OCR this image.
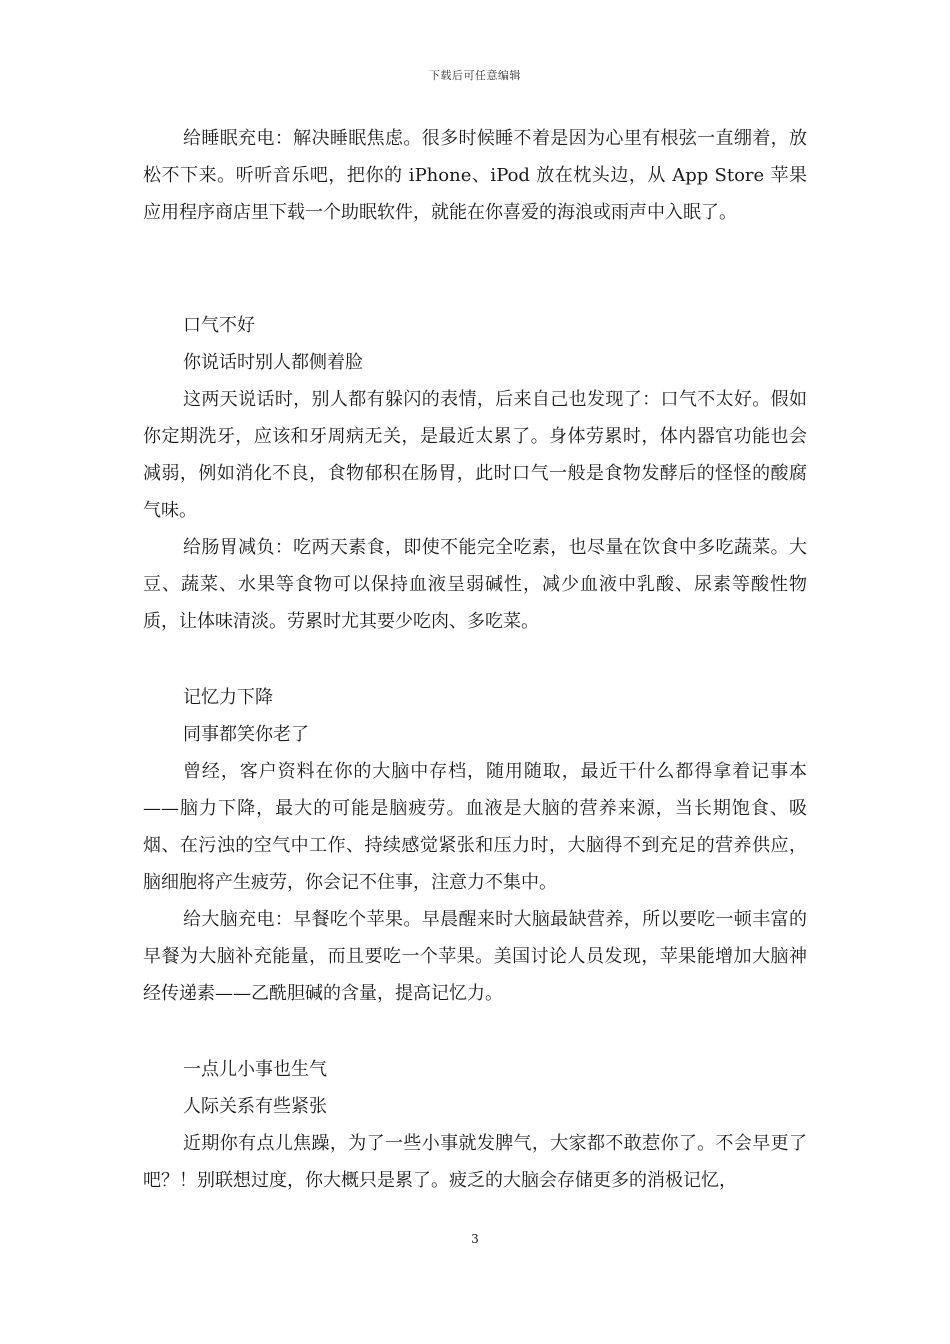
下载后可任意编辑

给睡眠充电：解决睡眠焦虑。很多时候睡不着是因为心里有根弦一直绷着，放松不下来。听听音乐吧，把你的 iPhone、iPod 放在枕头边，从 App Store 苹果应用程序商店里下载一个助眠软件，就能在你喜爱的海浪或雨声中入眠了。

口气不好

你说话时别人都侧着脸

这两天说话时，别人都有躲闪的表情，后来自己也发现了：口气不太好。假如你定期洗牙，应该和牙周病无关，是最近太累了。身体劳累时，体内器官功能也会减弱，例如消化不良，食物郁积在肠胃，此时口气一般是食物发酵后的怪怪的酸腐气味。

给肠胃减负：吃两天素食，即使不能完全吃素，也尽量在饮食中多吃蔬菜。大豆、蔬菜、水果等食物可以保持血液呈弱碱性，减少血液中乳酸、尿素等酸性物质，让体味清淡。劳累时尤其要少吃肉、多吃菜。

记忆力下降

同事都笑你老了

曾经，客户资料在你的大脑中存档，随用随取，最近干什么都得拿着记事本——脑力下降，最大的可能是脑疲劳。血液是大脑的营养来源，当长期饱食、吸烟、在污浊的空气中工作、持续感觉紧张和压力时，大脑得不到充足的营养供应，脑细胞将产生疲劳，你会记不住事，注意力不集中。

给大脑充电：早餐吃个苹果。早晨醒来时大脑最缺营养，所以要吃一顿丰富的早餐为大脑补充能量，而且要吃一个苹果。美国讨论人员发现，苹果能增加大脑神经传递素——乙酰胆碱的含量，提高记忆力。

一点儿小事也生气

人际关系有些紧张

近期你有点儿焦躁，为了一些小事就发脾气，大家都不敢惹你了。不会早更了吧？！别联想过度，你大概只是累了。疲乏的大脑会存储更多的消极记忆，

3
